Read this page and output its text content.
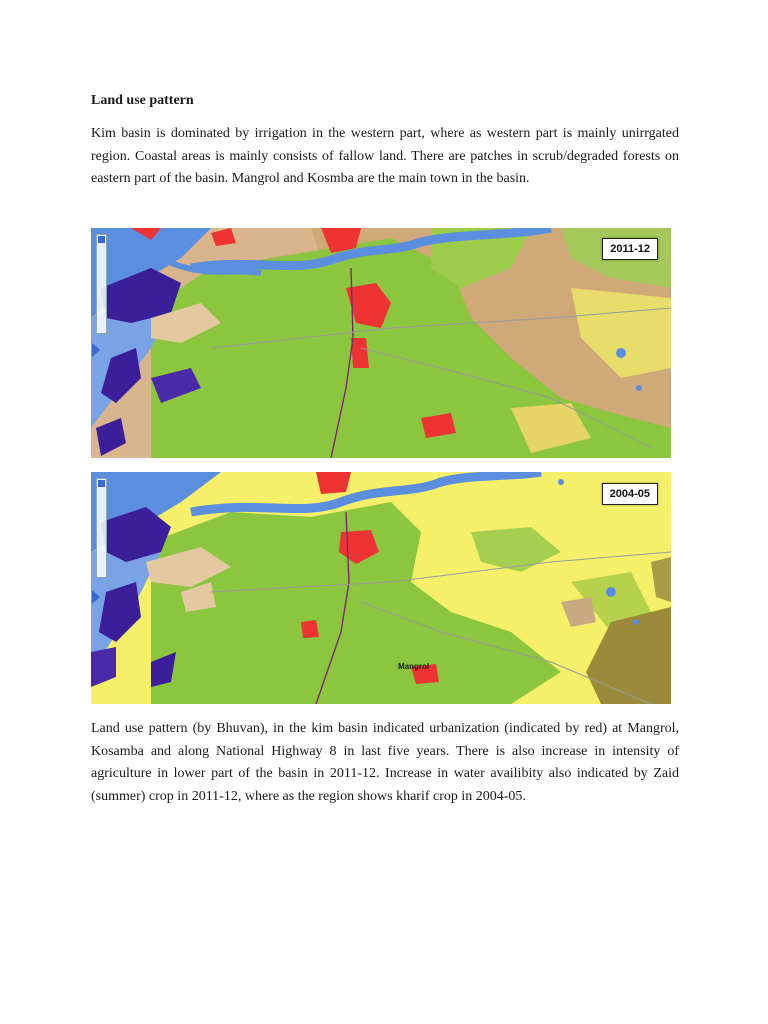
Land use pattern
Kim basin is dominated by irrigation in the western part, where as western part is mainly unirrgated region. Coastal areas is mainly consists of fallow land. There are patches in scrub/degraded forests on eastern part of the basin. Mangrol and Kosmba are the main town in the basin.
2011-12
2004-05
Mangrol
Land use pattern (by Bhuvan), in the kim basin indicated urbanization (indicated by red) at Mangrol, Kosamba and along National Highway 8 in last five years. There is also increase in intensity of agriculture in lower part of the basin in 2011-12. Increase in water availibity also indicated by Zaid (summer) crop in 2011-12, where as the region shows kharif crop in 2004-05.
